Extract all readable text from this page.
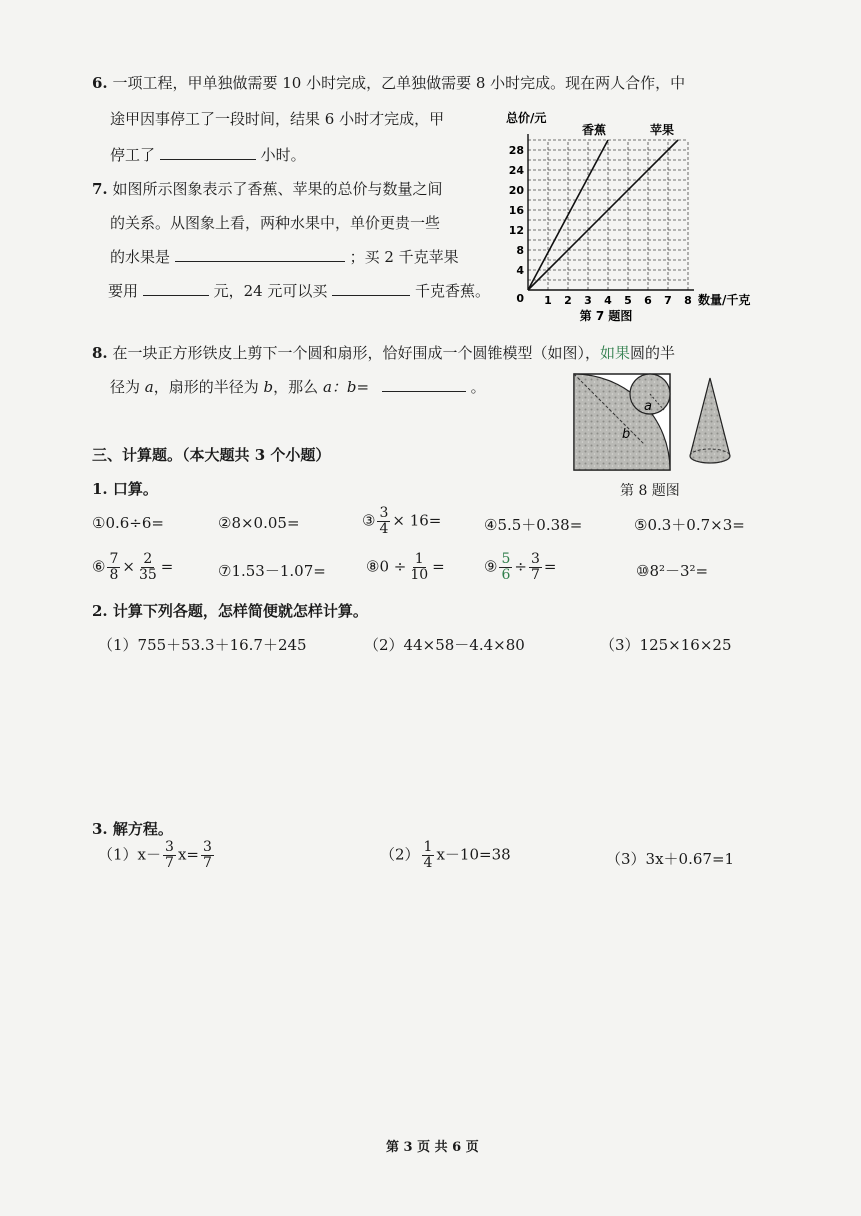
6. 一项工程，甲单独做需要 10 小时完成，乙单独做需要 8 小时完成。现在两人合作，中
途甲因事停工了一段时间，结果 6 小时才完成，甲
停工了	小时。
7. 如图所示图象表示了香蕉、苹果的总价与数量之间
的关系。从图象上看，两种水果中，单价更贵一些
的水果是	；买 2 千克苹果
要用	元，24 元可以买	千克香蕉。
1 2 3 4 5 6 7 8
4
8
12
16
20
24
28
0
总价/元
数量/千克
第 7 题图
香蕉	苹果
8. 在一块正方形铁皮上剪下一个圆和扇形，恰好围成一个圆锥模型（如图），如果圆的半
径为 a，扇形的半径为 b，那么 a：b=	。
a
b
第 8 题图
三、计算题。（本大题共 3 个小题）
1. 口算。
①0.6÷6=	②8×0.05=	③ $\frac{3}{4} \times 16=$	④5.5＋0.38=	⑤0.3＋0.7×3=
⑥ $\frac{7}{8} \times \frac{2}{35}$ =	⑦1.53－1.07=	⑧0 ÷ $\frac{1}{10}$ =	⑨ $\frac{5}{6} \div \frac{3}{7}$ =	⑩8²－3²=
2. 计算下列各题，怎样简便就怎样计算。
（1）755＋53.3＋16.7＋245	（2）44×58－4.4×80	（3）125×16×25
3. 解方程。
$(1)x- \frac{3}{7} x= \frac{3}{7}$	$(2) \frac{1}{4} x-10=38$	（3）3x＋0.67=1
第 3 页 共 6 页
